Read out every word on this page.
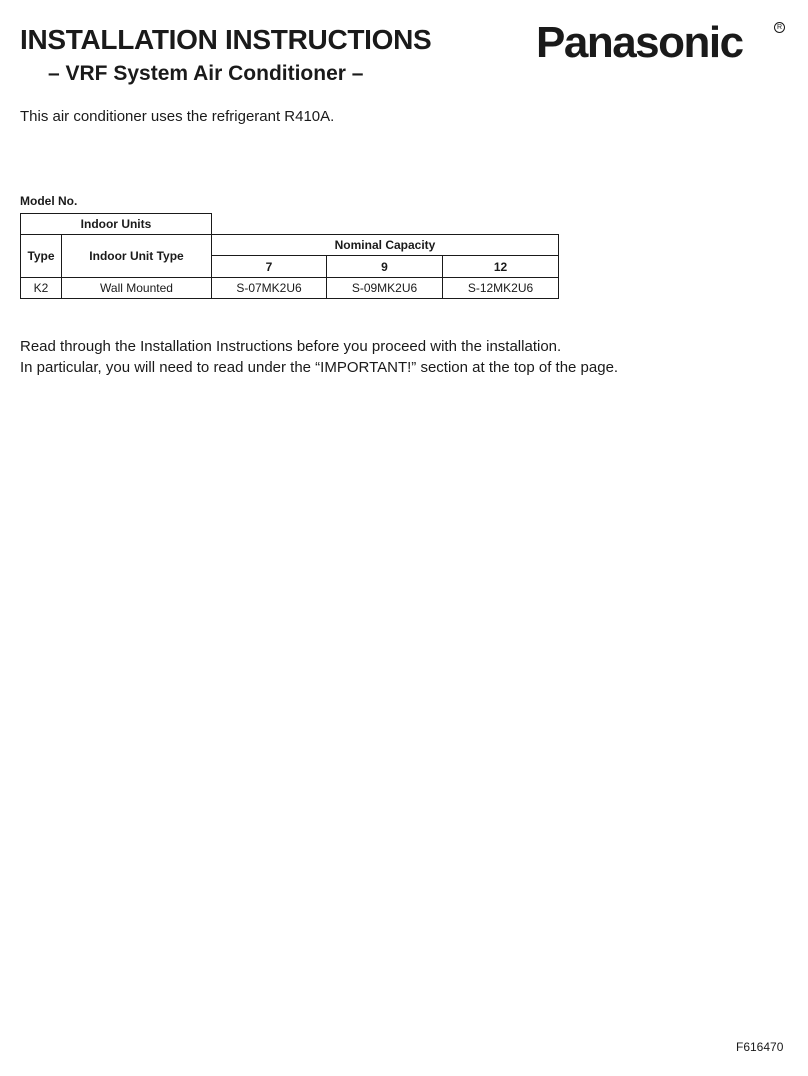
INSTALLATION INSTRUCTIONS
– VRF System Air Conditioner –
Panasonic	R

This air conditioner uses the refrigerant R410A.

Model No.
Indoor Units
Type	Indoor Unit Type
Nominal Capacity
7	9	12
K2	Wall Mounted	S-07MK2U6	S-09MK2U6	S-12MK2U6

Read through the Installation Instructions before you proceed with the installation.

In particular, you will need to read under the “IMPORTANT!” section at the top of the page.

F616470
